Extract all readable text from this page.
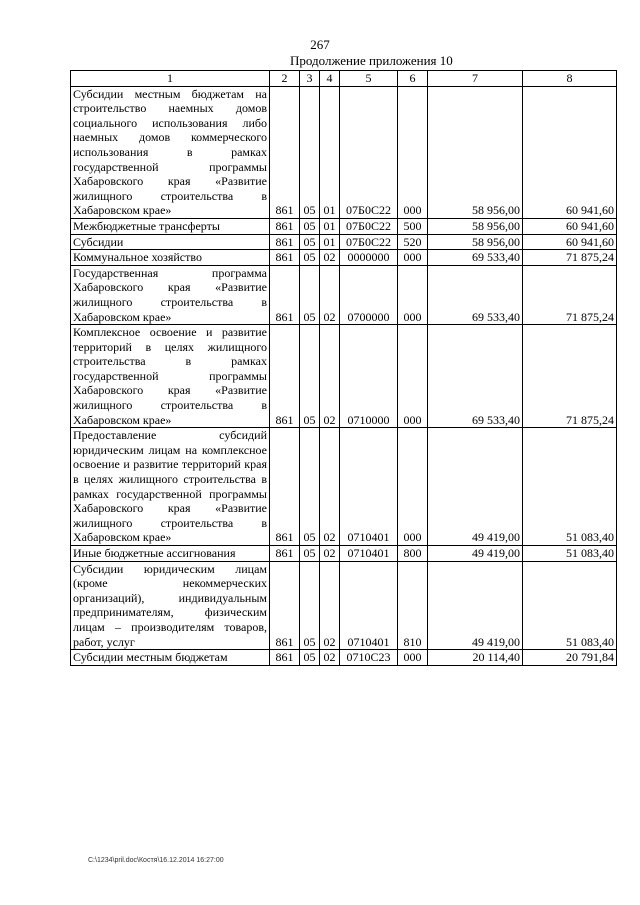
267
Продолжение приложения 10
1	2	3	4	5	6	7	8
Субсидии местным бюджетам на строительство наемных домов социального использования либо наемных домов коммерческого использования в рамках государственной программы Хабаровского края «Развитие жилищного строительства в Хабаровском крае»	861	05	01	07Б0С22	000	58 956,00	60 941,60
Межбюджетные трансферты	861	05	01	07Б0С22	500	58 956,00	60 941,60
Субсидии	861	05	01	07Б0С22	520	58 956,00	60 941,60
Коммунальное хозяйство	861	05	02	0000000	000	69 533,40	71 875,24
Государственная программа Хабаровского края «Развитие жилищного строительства в Хабаровском крае»	861	05	02	0700000	000	69 533,40	71 875,24
Комплексное освоение и развитие территорий в целях жилищного строительства в рамках государственной программы Хабаровского края «Развитие жилищного строительства в Хабаровском крае»	861	05	02	0710000	000	69 533,40	71 875,24
Предоставление субсидий юридическим лицам на комплексное освоение и развитие территорий края в целях жилищного строительства в рамках государственной программы Хабаровского края «Развитие жилищного строительства в Хабаровском крае»	861	05	02	0710401	000	49 419,00	51 083,40
Иные бюджетные ассигнования	861	05	02	0710401	800	49 419,00	51 083,40
Субсидии юридическим лицам (кроме некоммерческих организаций), индивидуальным предпринимателям, физическим лицам – производителям товаров, работ, услуг	861	05	02	0710401	810	49 419,00	51 083,40
Субсидии местным бюджетам	861	05	02	0710С23	000	20 114,40	20 791,84
C:\1234\pril.doc\Костя\16.12.2014 16:27:00
